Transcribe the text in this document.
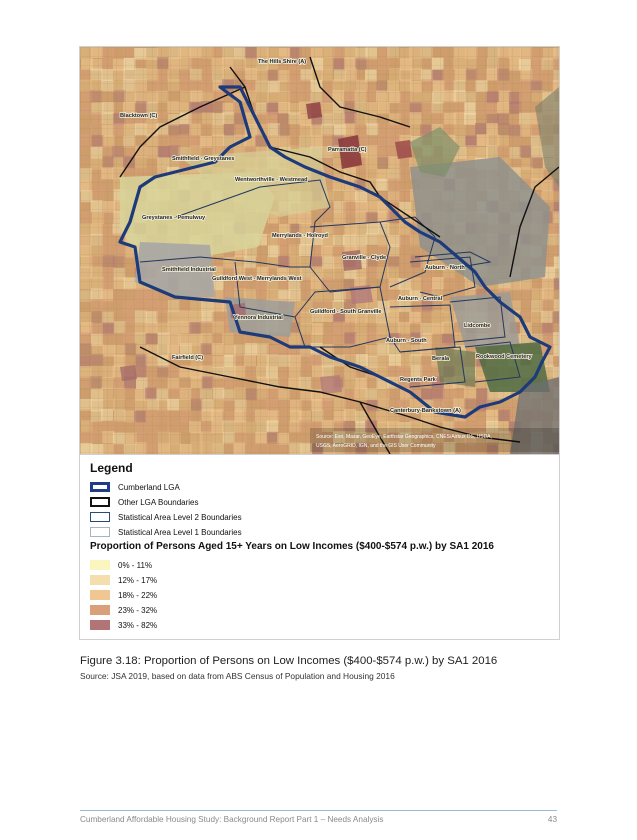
The Hills Shire (A)
Blacktown (C)
Parramatta (C)
Smithfield - Greystanes
Wentworthville - Westmead
Greystanes - Pemulwuy
Merrylands - Holroyd
Granville - Clyde
Auburn - North
Smithfield Industrial
Guildford West - Merrylands West
Auburn - Central
Yennora Industrial
Guildford - South Granville
Lidcombe
Auburn - South
Fairfield (C)	Berala	Rookwood Cemetery
Regents Park
Canterbury-Bankstown (A)
Source: Esri, Maxar, GeoEye, Earthstar Geographics, CNES/Airbus DS, USDA,
USGS, AeroGRID, IGN, and the GIS User Community
Legend
Cumberland LGA
Other LGA Boundaries
Statistical Area Level 2 Boundaries
Statistical Area Level 1 Boundaries
Proportion of Persons Aged 15+ Years on Low Incomes ($400-$574 p.w.) by SA1 2016
0% - 11%
12% - 17%
18% - 22%
23% - 32%
33% - 82%
Figure 3.18: Proportion of Persons on Low Incomes ($400-$574 p.w.) by SA1 2016
Source: JSA 2019, based on data from ABS Census of Population and Housing 2016
Cumberland Affordable Housing Study: Background Report Part 1 – Needs Analysis	43
